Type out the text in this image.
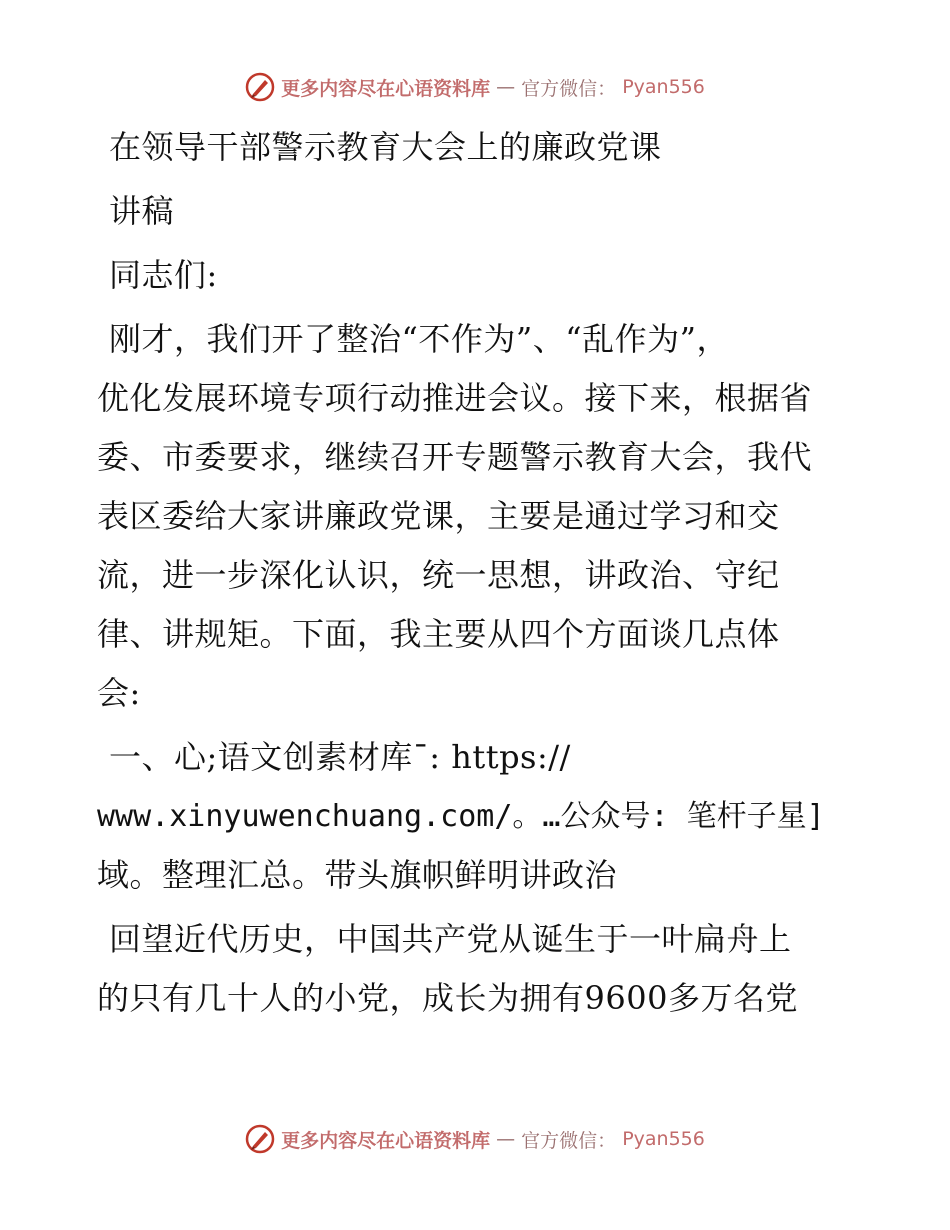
更多内容尽在心语资料库 — 官方微信： Pyan556
在领导干部警示教育大会上的廉政党课
讲稿
同志们:
刚才，我们开了整治“不作为”、“乱作为”，
优化发展环境专项行动推进会议。接下来，根据省
委、市委要求，继续召开专题警示教育大会，我代
表区委给大家讲廉政党课，主要是通过学习和交
流，进一步深化认识，统一思想，讲政治、守纪
律、讲规矩。下面，我主要从四个方面谈几点体
会:
一、心;语文创素材库¯: https://
www.xinyuwenchuang.com/。…公众号: 笔杆子星]
域。整理汇总。带头旗帜鲜明讲政治
回望近代历史，中国共产党从诞生于一叶扁舟上
的只有几十人的小党，成长为拥有9600多万名党
更多内容尽在心语资料库 — 官方微信： Pyan556
